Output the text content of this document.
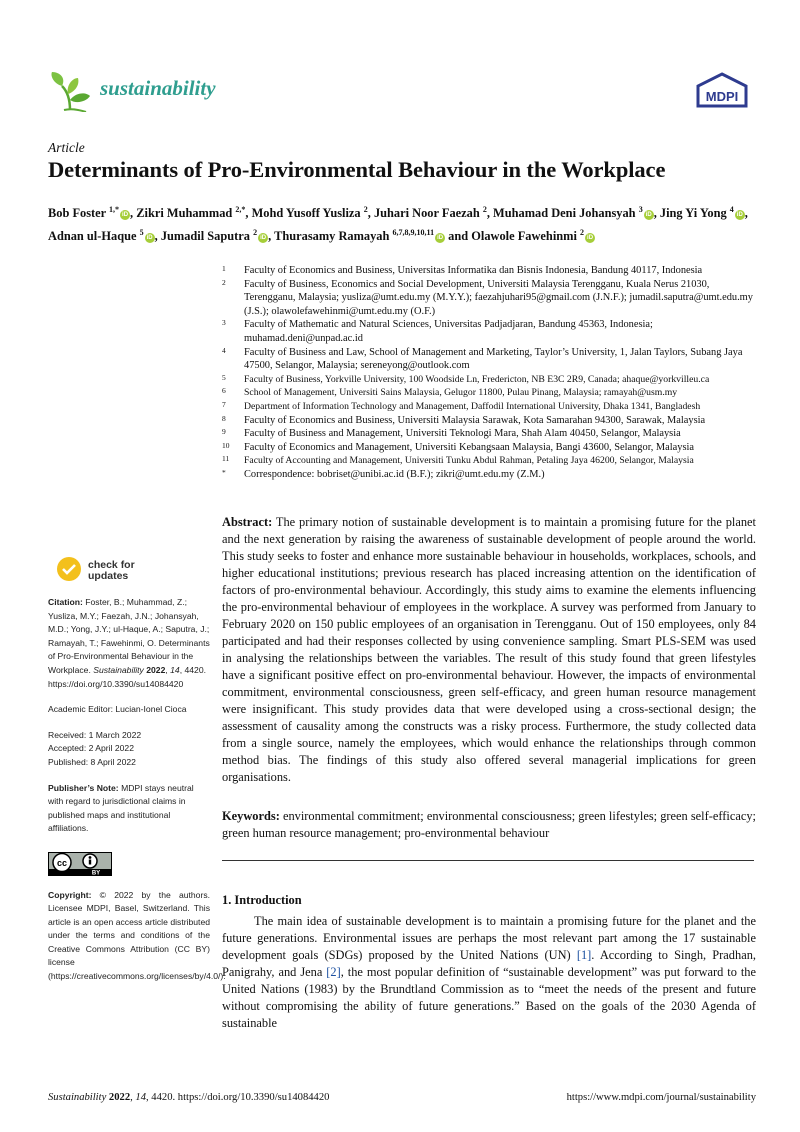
sustainability	MDPI
Article
Determinants of Pro-Environmental Behaviour in the Workplace
Bob Foster $^{1,*}$iD , Zikri Muhammad $^{2,*}$, Mohd Yusoff Yusliza $^2$, Juhari Noor Faezah $^2$, Muhamad Deni Johansyah $^3$iD , Jing Yi Yong $^4$iD , Adnan ul-Haque $^5$iD , Jumadil Saputra $^2$iD , Thurasamy Ramayah $^{6,7,8,9,10,11}$iD and Olawole Fawehinmi $^2$iD
1 Faculty of Economics and Business, Universitas Informatika dan Bisnis Indonesia, Bandung 40117, Indonesia
2 Faculty of Business, Economics and Social Development, Universiti Malaysia Terengganu, Kuala Nerus 21030, Terengganu, Malaysia; yusliza@umt.edu.my (M.Y.Y.); faezahjuhari95@gmail.com (J.N.F.); jumadil.saputra@umt.edu.my (J.S.); olawolefawehinmi@umt.edu.my (O.F.)
3 Faculty of Mathematic and Natural Sciences, Universitas Padjadjaran, Bandung 45363, Indonesia; muhamad.deni@unpad.ac.id
4 Faculty of Business and Law, School of Management and Marketing, Taylor’s University, 1, Jalan Taylors, Subang Jaya 47500, Selangor, Malaysia; sereneyong@outlook.com
5 Faculty of Business, Yorkville University, 100 Woodside Ln, Fredericton, NB E3C 2R9, Canada; ahaque@yorkvilleu.ca
6 School of Management, Universiti Sains Malaysia, Gelugor 11800, Pulau Pinang, Malaysia; ramayah@usm.my
7 Department of Information Technology and Management, Daffodil International University, Dhaka 1341, Bangladesh
8 Faculty of Economics and Business, Universiti Malaysia Sarawak, Kota Samarahan 94300, Sarawak, Malaysia
9 Faculty of Business and Management, Universiti Teknologi Mara, Shah Alam 40450, Selangor, Malaysia
10 Faculty of Economics and Management, Universiti Kebangsaan Malaysia, Bangi 43600, Selangor, Malaysia
11 Faculty of Accounting and Management, Universiti Tunku Abdul Rahman, Petaling Jaya 46200, Selangor, Malaysia
* Correspondence: bobriset@unibi.ac.id (B.F.); zikri@umt.edu.my (Z.M.)
check for
updates
Citation: Foster, B.; Muhammad, Z.; Yusliza, M.Y.; Faezah, J.N.; Johansyah, M.D.; Yong, J.Y.; ul-Haque, A.; Saputra, J.; Ramayah, T.; Fawehinmi, O. Determinants of Pro-Environmental Behaviour in the Workplace. Sustainability 2022, 14, 4420. https://doi.org/10.3390/su14084420
Academic Editor: Lucian-Ionel Cioca
Received: 1 March 2022
Accepted: 2 April 2022
Published: 8 April 2022
Publisher’s Note: MDPI stays neutral with regard to jurisdictional claims in published maps and institutional affiliations.
cc
BY
Copyright: © 2022 by the authors. Licensee MDPI, Basel, Switzerland. This article is an open access article distributed under the terms and conditions of the Creative Commons Attribution (CC BY) license (https://creativecommons.org/licenses/by/4.0/).
Abstract: The primary notion of sustainable development is to maintain a promising future for the planet and the next generation by raising the awareness of sustainable development of people around the world. This study seeks to foster and enhance more sustainable behaviour in households, workplaces, schools, and higher educational institutions; previous research has placed increasing attention on the identification of factors of pro-environmental behaviour. Accordingly, this study aims to examine the elements influencing the pro-environmental behaviour of employees in the workplace. A survey was performed from January to February 2020 on 150 public employees of an organisation in Terengganu. Out of 150 employees, only 84 participated and had their responses collected by using convenience sampling. Smart PLS-SEM was used in analysing the relationships between the variables. The result of this study found that green lifestyles have a significant positive effect on pro-environmental behaviour. However, the impacts of environmental commitment, environmental consciousness, green self-efficacy, and green human resource management were insignificant. This study provides data that were developed using a cross-sectional design; the assessment of causality among the constructs was a risky process. Furthermore, the study collected data from a single source, namely the employees, which would enhance the relationships through common method bias. The findings of this study also offered several managerial implications for green organisations.
Keywords: environmental commitment; environmental consciousness; green lifestyles; green self-efficacy; green human resource management; pro-environmental behaviour
1. Introduction
The main idea of sustainable development is to maintain a promising future for the planet and the future generations. Environmental issues are perhaps the most relevant part among the 17 sustainable development goals (SDGs) proposed by the United Nations (UN) [1]. According to Singh, Pradhan, Panigrahy, and Jena [2], the most popular definition of “sustainable development” was put forward to the United Nations (1983) by the Brundtland Commission as to “meet the needs of the present and future without compromising the ability of future generations.” Based on the goals of the 2030 Agenda of sustainable
Sustainability 2022, 14, 4420. https://doi.org/10.3390/su14084420	https://www.mdpi.com/journal/sustainability
